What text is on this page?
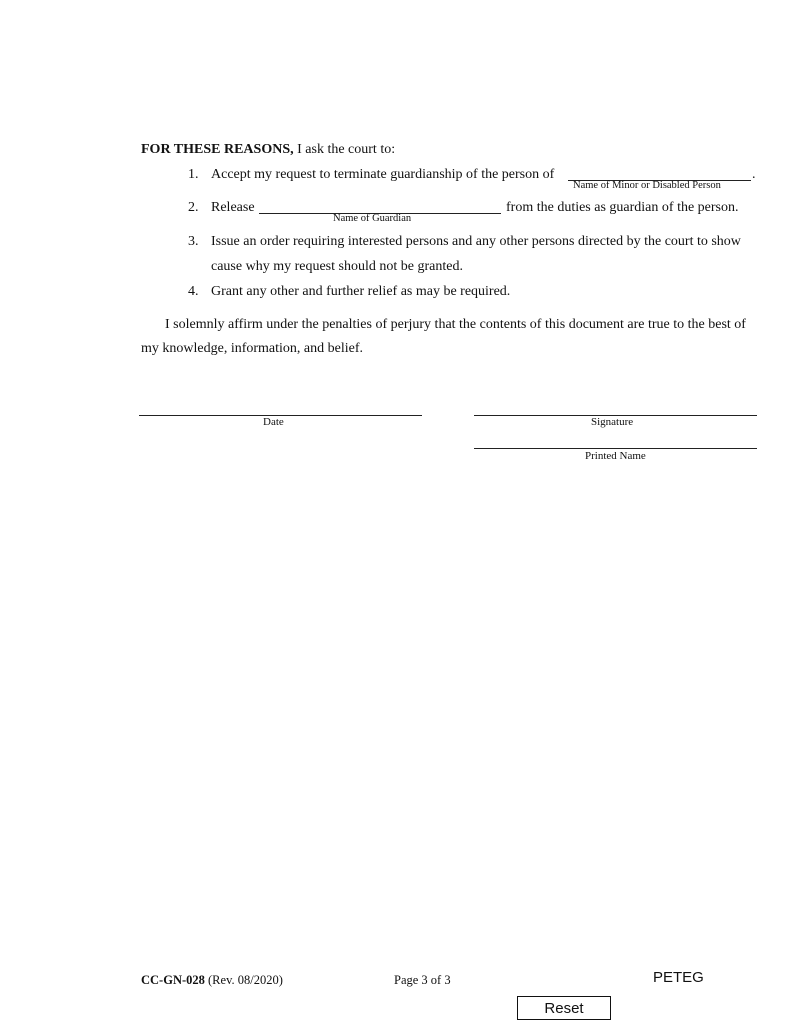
FOR THESE REASONS, I ask the court to:
1. Accept my request to terminate guardianship of the person of	.
Name of Minor or Disabled Person
2. Release	from the duties as guardian of the person.
Name of Guardian
3. Issue an order requiring interested persons and any other persons directed by the court to show
cause why my request should not be granted.
4. Grant any other and further relief as may be required.
I solemnly affirm under the penalties of perjury that the contents of this document are true to the best of
my knowledge, information, and belief.
Date	Signature
Printed Name
CC-GN-028 (Rev. 08/2020)	Page 3 of 3	PETEG
Reset
